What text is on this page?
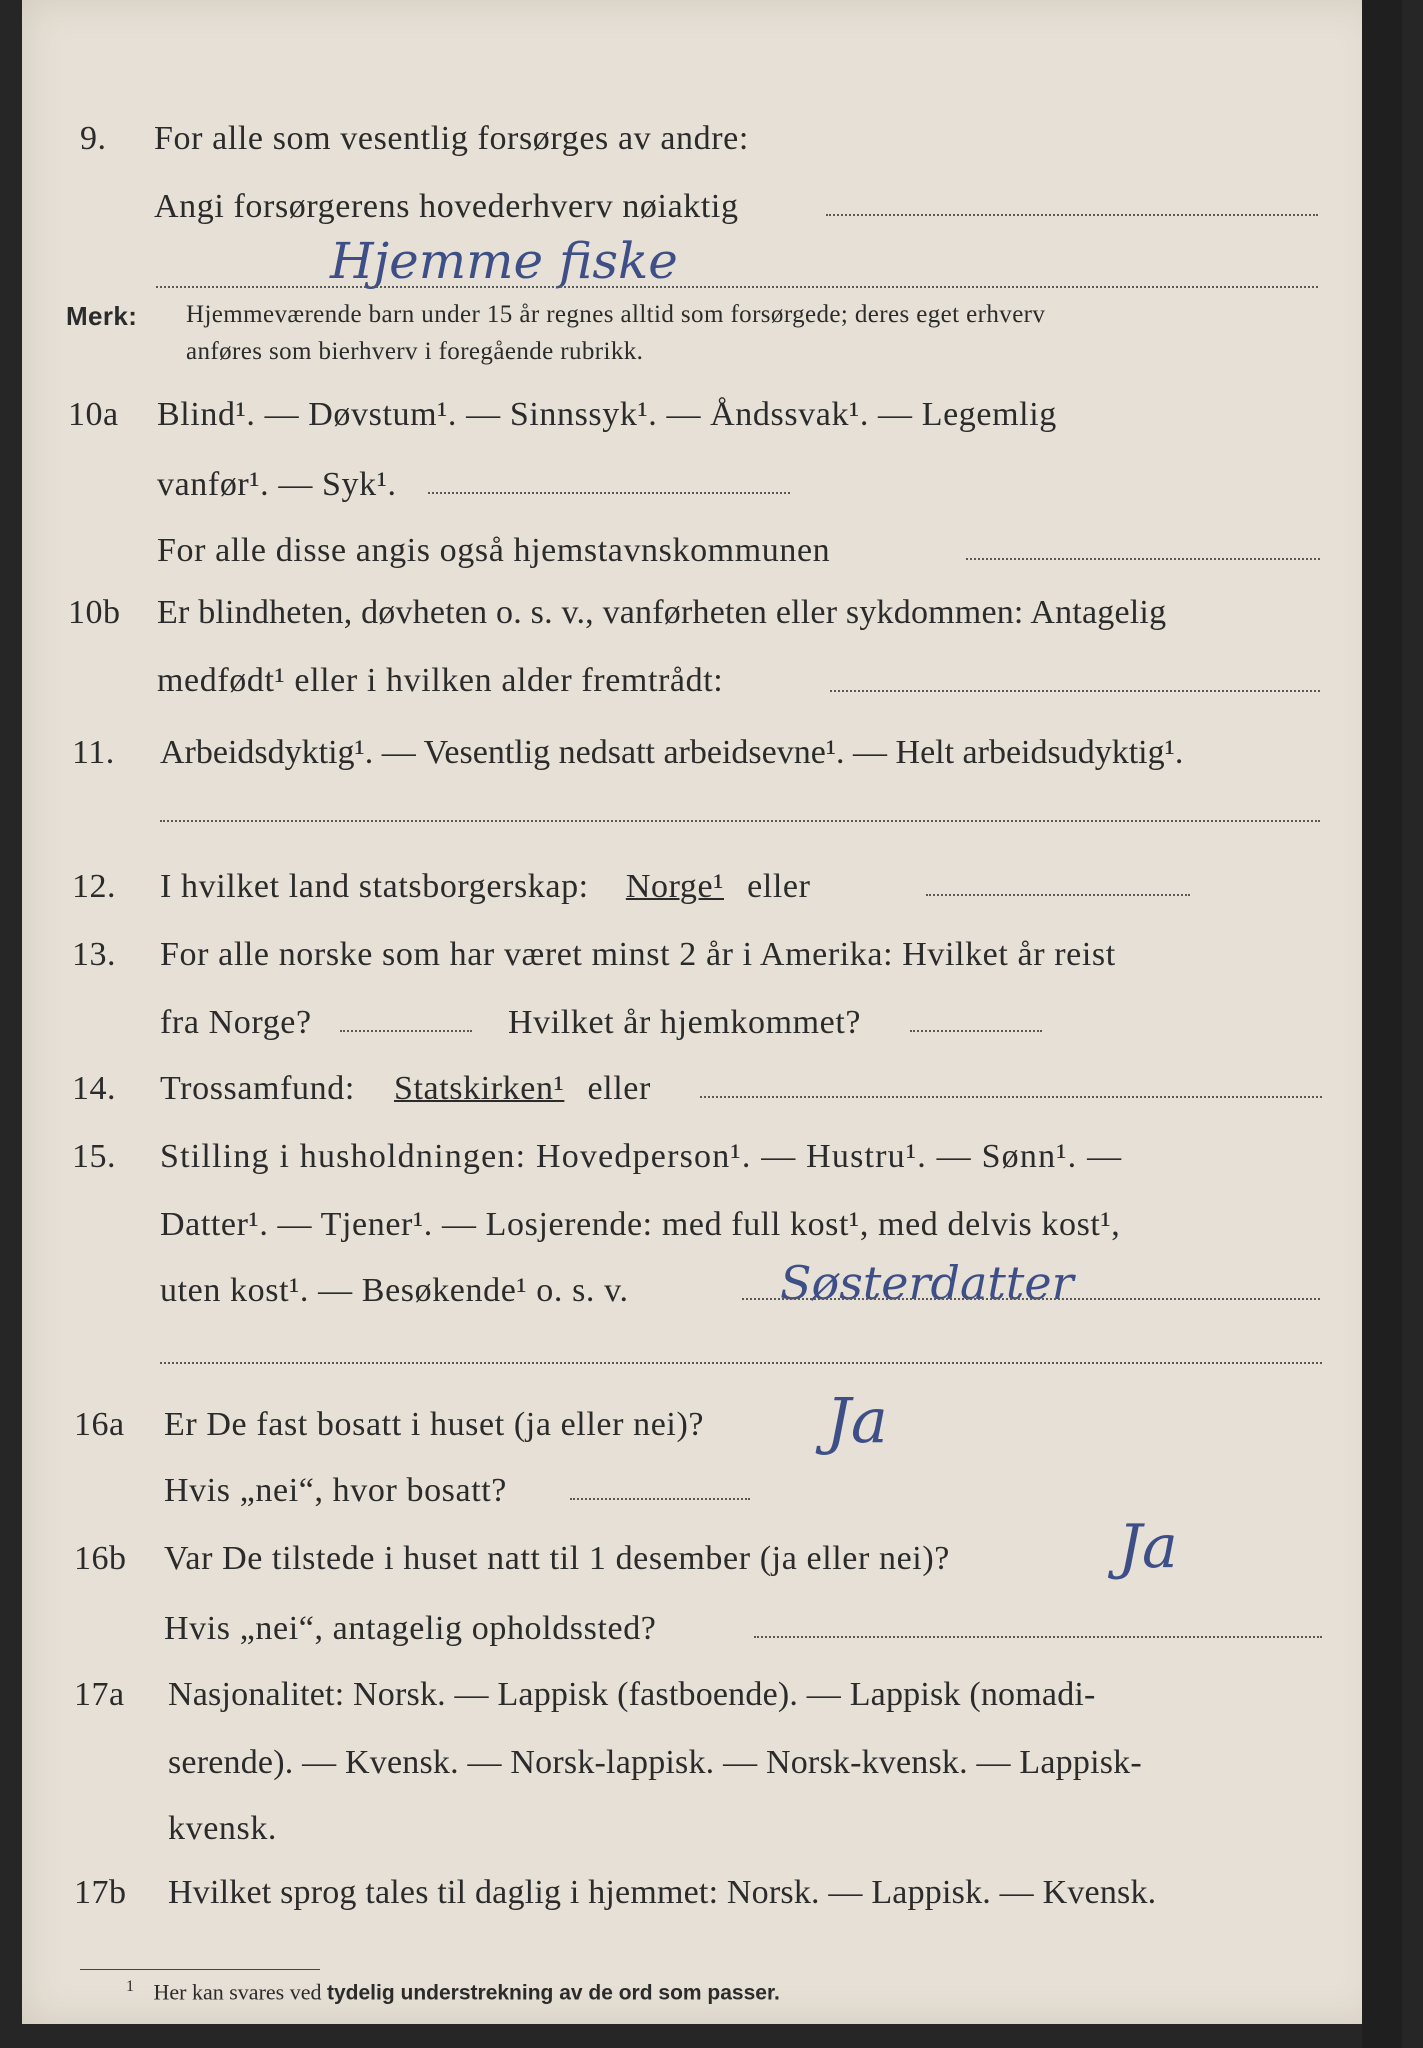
9. For alle som vesentlig forsørges av andre:
Angi forsørgerens hovederhverv nøiaktig
Hjemme fiske
Merk: Hjemmeværende barn under 15 år regnes alltid som forsørgede; deres eget erhverv
anføres som bierhverv i foregående rubrikk.
10a Blind¹. — Døvstum¹. — Sinnssyk¹. — Åndssvak¹. — Legemlig
vanfør¹. — Syk¹.
For alle disse angis også hjemstavnskommunen
10b Er blindheten, døvheten o. s. v., vanførheten eller sykdommen: Antagelig
medfødt¹ eller i hvilken alder fremtrådt:
11. Arbeidsdyktig¹. — Vesentlig nedsatt arbeidsevne¹. — Helt arbeidsudyktig¹.
12. I hvilket land statsborgerskap: Norge¹ eller
13. For alle norske som har været minst 2 år i Amerika: Hvilket år reist
fra Norge?	Hvilket år hjemkommet?
14. Trossamfund: Statskirken¹ eller
15. Stilling i husholdningen: Hovedperson¹. — Hustru¹. — Sønn¹. —
Datter¹. — Tjener¹. — Losjerende: med full kost¹, med delvis kost¹,
uten kost¹. — Besøkende¹ o. s. v.	Søsterdatter
16a Er De fast bosatt i huset (ja eller nei)? Ja
Hvis „nei“, hvor bosatt?
16b Var De tilstede i huset natt til 1 desember (ja eller nei)?	Ja
Hvis „nei“, antagelig opholdssted?
17a Nasjonalitet: Norsk. — Lappisk (fastboende). — Lappisk (nomadi-
serende). — Kvensk. — Norsk-lappisk. — Norsk-kvensk. — Lappisk-
kvensk.
17b Hvilket sprog tales til daglig i hjemmet: Norsk. — Lappisk. — Kvensk.
$^1$ Her kan svares ved tydelig understrekning av de ord som passer.
